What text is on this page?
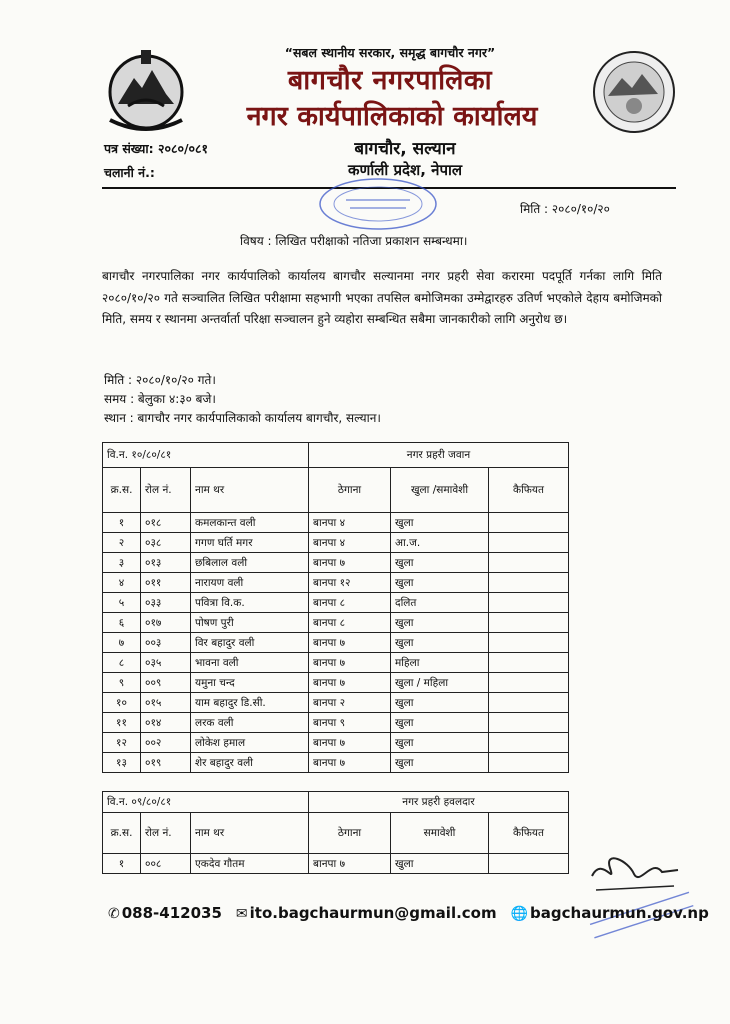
“सबल स्थानीय सरकार, समृद्ध बागचौर नगर”
बागचौर नगरपालिका
नगर कार्यपालिकाको कार्यालय
पत्र संख्या: २०८०/०८१
चलानी नं.:
बागचौर, सल्यान
कर्णाली प्रदेश, नेपाल
मिति : २०८०/१०/२०
विषय : लिखित परीक्षाको नतिजा प्रकाशन सम्बन्धमा।
बागचौर नगरपालिका नगर कार्यपालिको कार्यालय बागचौर सल्यानमा नगर प्रहरी सेवा करारमा पदपूर्ति गर्नका लागि मिति २०८०/१०/२० गते सञ्चालित लिखित परीक्षामा सहभागी भएका तपसिल बमोजिमका उम्मेद्वारहरु उतिर्ण भएकोले देहाय बमोजिमको मिति, समय र स्थानमा अन्तर्वार्ता परिक्षा सञ्चालन हुने व्यहोरा सम्बन्धित सबैमा जानकारीको लागि अनुरोध छ।
मिति : २०८०/१०/२० गते।
समय : बेलुका ४:३० बजे।
स्थान : बागचौर नगर कार्यपालिकाको कार्यालय बागचौर, सल्यान।
वि.न. १०/८०/८१			नगर प्रहरी जवान		
क्र.स.	रोल नं.	नाम थर	ठेगाना	खुला /समावेशी	कैफियत
१	०१८	कमलकान्त वली	बानपा ४	खुला	
२	०३८	गगण घर्ति मगर	बानपा ४	आ.ज.	
३	०१३	छबिलाल वली	बानपा ७	खुला	
४	०११	नारायण वली	बानपा १२	खुला	
५	०३३	पवित्रा वि.क.	बानपा ८	दलित	
६	०१७	पोषण पुरी	बानपा ८	खुला	
७	००३	विर बहादुर वली	बानपा ७	खुला	
८	०३५	भावना वली	बानपा ७	महिला	
९	००९	यमुना चन्द	बानपा ७	खुला / महिला	
१०	०१५	याम बहादुर डि.सी.	बानपा २	खुला	
११	०१४	लरक वली	बानपा ९	खुला	
१२	००२	लोकेश हमाल	बानपा ७	खुला	
१३	०१९	शेर बहादुर वली	बानपा ७	खुला	
वि.न. ०९/८०/८१			नगर प्रहरी हवलदार		
क्र.स.	रोल नं.	नाम थर	ठेगाना	समावेशी	कैफियत
१	००८	एकदेव गौतम	बानपा ७	खुला	
✆ 088-412035 ✉ ito.bagchaurmun@gmail.com 🌐 bagchaurmun.gov.np
